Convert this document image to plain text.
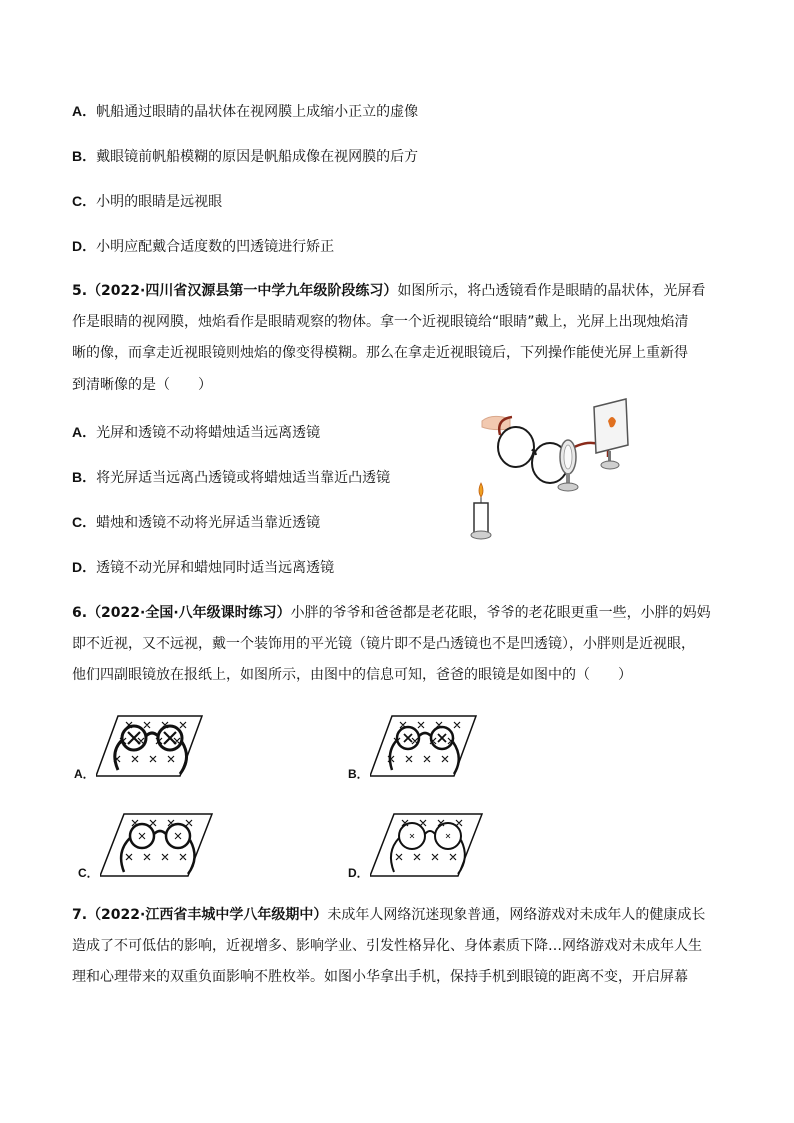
A．帆船通过眼睛的晶状体在视网膜上成缩小正立的虚像
B．戴眼镜前帆船模糊的原因是帆船成像在视网膜的后方
C．小明的眼睛是远视眼
D．小明应配戴合适度数的凹透镜进行矫正
5.（2022·四川省汉源县第一中学九年级阶段练习）如图所示，将凸透镜看作是眼睛的晶状体，光屏看
作是眼睛的视网膜，烛焰看作是眼睛观察的物体。拿一个近视眼镜给“眼睛”戴上，光屏上出现烛焰清
晰的像，而拿走近视眼镜则烛焰的像变得模糊。那么在拿走近视眼镜后，下列操作能使光屏上重新得
到清晰像的是（　　）
A．光屏和透镜不动将蜡烛适当远离透镜
B．将光屏适当远离凸透镜或将蜡烛适当靠近凸透镜
C．蜡烛和透镜不动将光屏适当靠近透镜
D．透镜不动光屏和蜡烛同时适当远离透镜
6.（2022·全国·八年级课时练习）小胖的爷爷和爸爸都是老花眼，爷爷的老花眼更重一些，小胖的妈妈
即不近视，又不远视，戴一个装饰用的平光镜（镜片即不是凸透镜也不是凹透镜），小胖则是近视眼，
他们四副眼镜放在报纸上，如图所示，由图中的信息可知，爸爸的眼镜是如图中的（　　）
A．	B．
C．	D．
7.（2022·江西省丰城中学八年级期中）未成年人网络沉迷现象普通，网络游戏对未成年人的健康成长
造成了不可低估的影响，近视增多、影响学业、引发性格异化、身体素质下降…网络游戏对未成年人生
理和心理带来的双重负面影响不胜枚举。如图小华拿出手机，保持手机到眼镜的距离不变，开启屏幕
